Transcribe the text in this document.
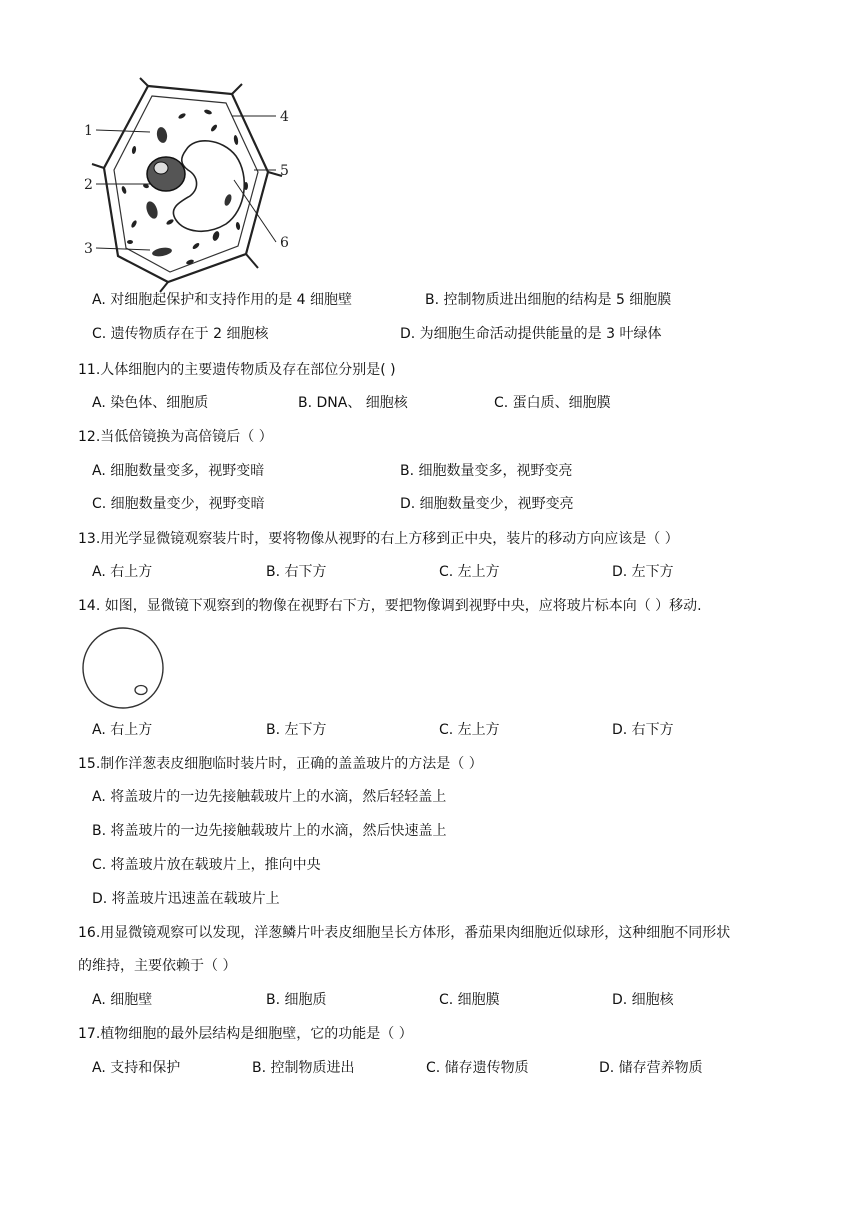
1
2
3
4
5
6
A. 对细胞起保护和支持作用的是 4 细胞壁	B. 控制物质进出细胞的结构是 5 细胞膜
C. 遗传物质存在于 2 细胞核	D. 为细胞生命活动提供能量的是 3 叶绿体
11.人体细胞内的主要遗传物质及存在部位分别是( )
A. 染色体、细胞质	B. DNA、 细胞核	C. 蛋白质、细胞膜
12.当低倍镜换为高倍镜后（ ）
A. 细胞数量变多，视野变暗	B. 细胞数量变多，视野变亮
C. 细胞数量变少，视野变暗	D. 细胞数量变少，视野变亮
13.用光学显微镜观察装片时，要将物像从视野的右上方移到正中央，装片的移动方向应该是（ ）
A. 右上方	B. 右下方	C. 左上方	D. 左下方
14. 如图，显微镜下观察到的物像在视野右下方，要把物像调到视野中央，应将玻片标本向（ ）移动.
A. 右上方	B. 左下方	C. 左上方	D. 右下方
15.制作洋葱表皮细胞临时装片时，正确的盖盖玻片的方法是（ ）
A. 将盖玻片的一边先接触载玻片上的水滴，然后轻轻盖上
B. 将盖玻片的一边先接触载玻片上的水滴，然后快速盖上
C. 将盖玻片放在载玻片上，推向中央
D. 将盖玻片迅速盖在载玻片上
16.用显微镜观察可以发现，洋葱鳞片叶表皮细胞呈长方体形，番茄果肉细胞近似球形，这种细胞不同形状
的维持，主要依赖于（ ）
A. 细胞壁	B. 细胞质	C. 细胞膜	D. 细胞核
17.植物细胞的最外层结构是细胞壁，它的功能是（ ）
A. 支持和保护	B. 控制物质进出	C. 储存遗传物质	D. 储存营养物质
